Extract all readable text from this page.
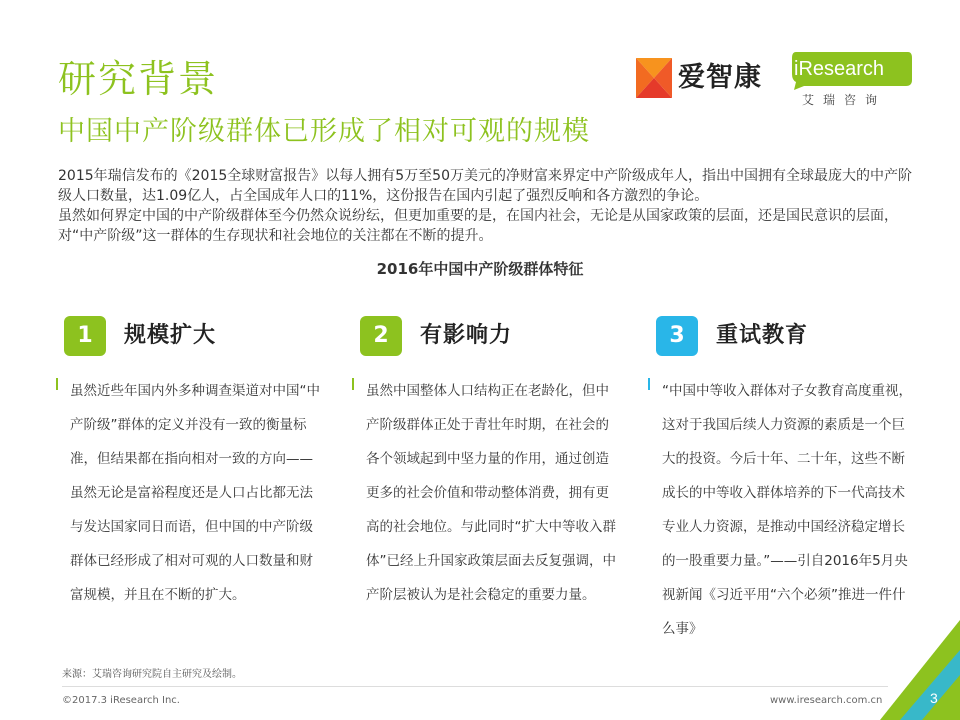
研究背景
中国中产阶级群体已形成了相对可观的规模
爱智康 iResearch
艾瑞咨询

2015年瑞信发布的《2015全球财富报告》以每人拥有5万至50万美元的净财富来界定中产阶级成年人，指出中国拥有全球最庞大的中产阶级人口数量，达1.09亿人，占全国成年人口的11%，这份报告在国内引起了强烈反响和各方激烈的争论。

虽然如何界定中国的中产阶级群体至今仍然众说纷纭，但更加重要的是，在国内社会，无论是从国家政策的层面，还是国民意识的层面，对“中产阶级”这一群体的生存现状和社会地位的关注都在不断的提升。

2016年中国中产阶级群体特征
1	规模扩大

虽然近些年国内外多种调查渠道对中国“中产阶级”群体的定义并没有一致的衡量标准，但结果都在指向相对一致的方向——虽然无论是富裕程度还是人口占比都无法与发达国家同日而语，但中国的中产阶级群体已经形成了相对可观的人口数量和财富规模，并且在不断的扩大。

2	有影响力

虽然中国整体人口结构正在老龄化，但中产阶级群体正处于青壮年时期，在社会的各个领域起到中坚力量的作用，通过创造更多的社会价值和带动整体消费，拥有更高的社会地位。与此同时“扩大中等收入群体”已经上升国家政策层面去反复强调，中产阶层被认为是社会稳定的重要力量。

3	重试教育

“中国中等收入群体对子女教育高度重视，这对于我国后续人力资源的素质是一个巨大的投资。今后十年、二十年，这些不断成长的中等收入群体培养的下一代高技术专业人力资源，是推动中国经济稳定增长的一股重要力量。”——引自2016年5月央视新闻《习近平用“六个必须”推进一件什么事》

来源：艾瑞咨询研究院自主研究及绘制。
©2017.3 iResearch Inc.	www.iresearch.com.cn	3
